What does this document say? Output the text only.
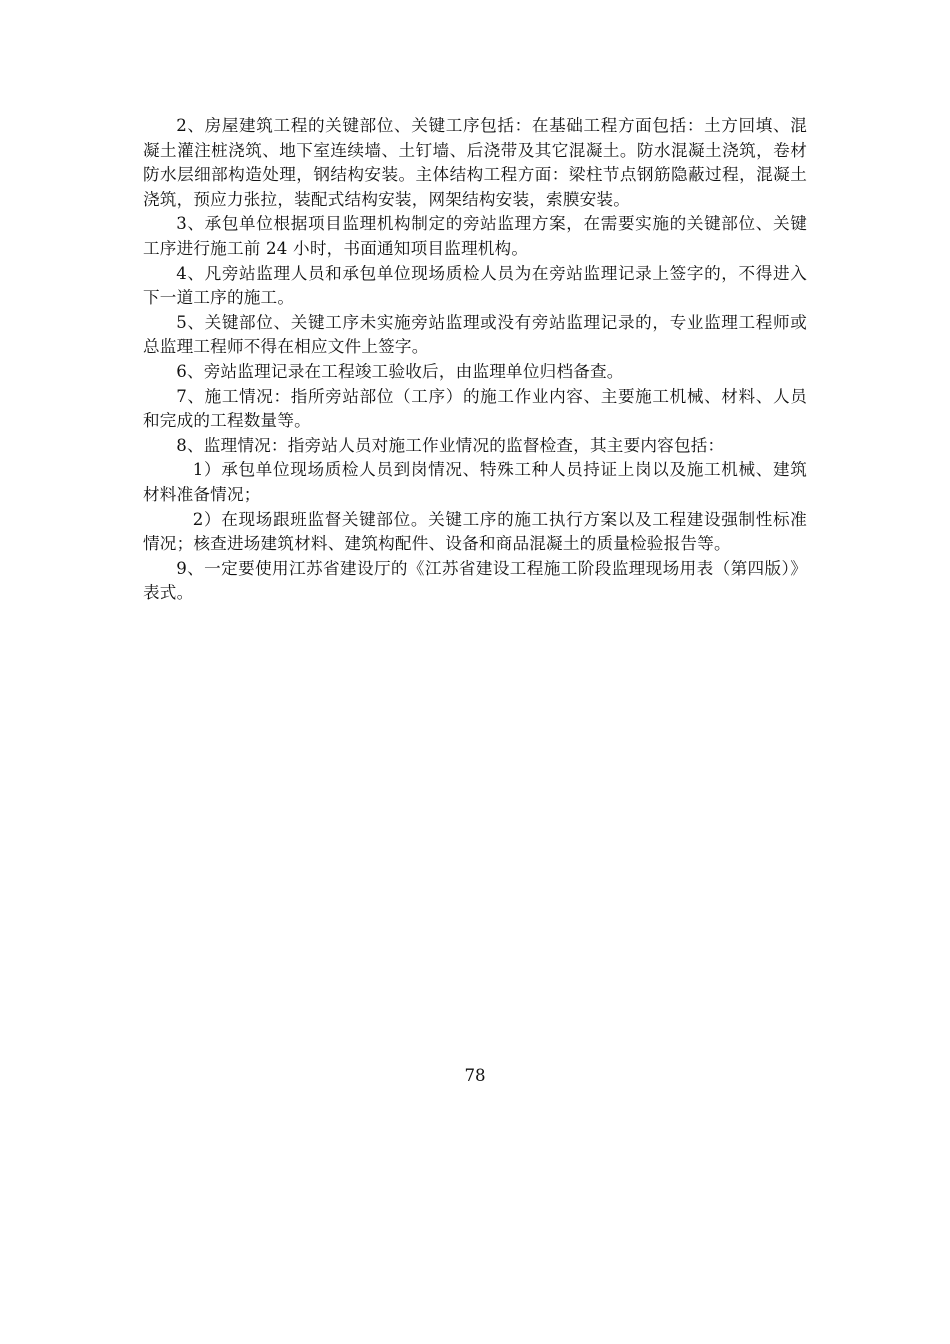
2、房屋建筑工程的关键部位、关键工序包括：在基础工程方面包括：土方回填、混凝土灌注桩浇筑、地下室连续墙、土钉墙、后浇带及其它混凝土。防水混凝土浇筑，卷材防水层细部构造处理，钢结构安装。主体结构工程方面：梁柱节点钢筋隐蔽过程，混凝土浇筑，预应力张拉，装配式结构安装，网架结构安装，索膜安装。

3、承包单位根据项目监理机构制定的旁站监理方案，在需要实施的关键部位、关键工序进行施工前 24 小时，书面通知项目监理机构。

4、凡旁站监理人员和承包单位现场质检人员为在旁站监理记录上签字的，不得进入下一道工序的施工。

5、关键部位、关键工序未实施旁站监理或没有旁站监理记录的，专业监理工程师或总监理工程师不得在相应文件上签字。

6、旁站监理记录在工程竣工验收后，由监理单位归档备查。

7、施工情况：指所旁站部位（工序）的施工作业内容、主要施工机械、材料、人员和完成的工程数量等。

8、监理情况：指旁站人员对施工作业情况的监督检查，其主要内容包括：

1）承包单位现场质检人员到岗情况、特殊工种人员持证上岗以及施工机械、建筑材料准备情况；

2）在现场跟班监督关键部位。关键工序的施工执行方案以及工程建设强制性标准情况；核查进场建筑材料、建筑构配件、设备和商品混凝土的质量检验报告等。

9、一定要使用江苏省建设厅的《江苏省建设工程施工阶段监理现场用表（第四版）》表式。

78
